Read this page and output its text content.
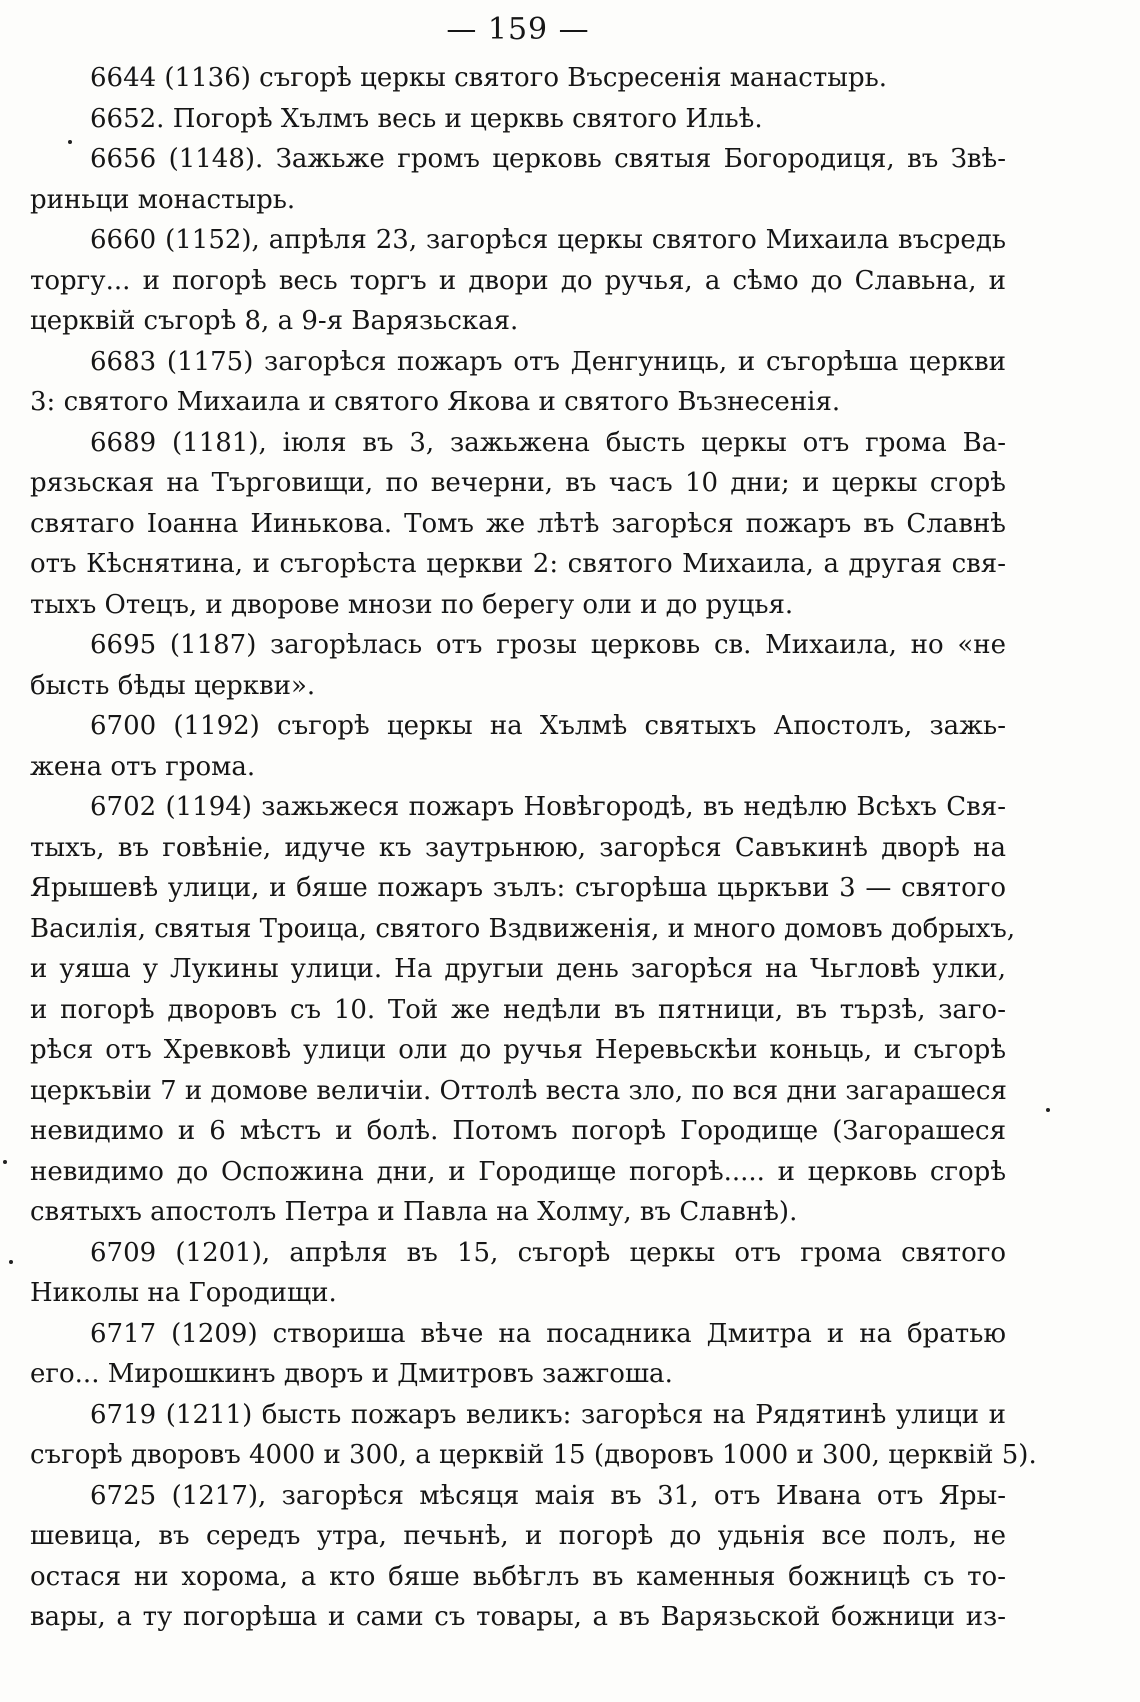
— 159 —

6644 (1136) съгорѣ церкы святого Въсресенія манастырь.

6652. Погорѣ Хълмъ весь и церквь святого Ильѣ.

6656 (1148). Зажьже громъ церковь святыя Богородиця, въ Звѣ-
риньци монастырь.

6660 (1152), апрѣля 23, загорѣся церкы святого Михаила въсредь
торгу... и погорѣ весь торгъ и двори до ручья, а сѣмо до Славьна, и
церквій съгорѣ 8, а 9-я Варязьская.

6683 (1175) загорѣся пожаръ отъ Денгуниць, и съгорѣша церкви
3: святого Михаила и святого Якова и святого Възнесенія.

6689 (1181), іюля въ 3, зажьжена бысть церкы отъ грома Ва-
рязьская на Търговищи, по вечерни, въ часъ 10 дни; и церкы сгорѣ
святаго Іоанна Иинькова. Томъ же лѣтѣ загорѣся пожаръ въ Славнѣ
отъ Кѣснятина, и съгорѣста церкви 2: святого Михаила, а другая свя-
тыхъ Отецъ, и дворове мнози по берегу оли и до руцья.

6695 (1187) загорѣлась отъ грозы церковь св. Михаила, но «не
бысть бѣды церкви».

6700 (1192) съгорѣ церкы на Хълмѣ святыхъ Апостолъ, зажь-
жена отъ грома.

6702 (1194) зажьжеся пожаръ Новѣгородѣ, въ недѣлю Всѣхъ Свя-
тыхъ, въ говѣніе, идуче къ заутрьнюю, загорѣся Савъкинѣ дворѣ на
Ярышевѣ улици, и бяше пожаръ зълъ: съгорѣша цьркъви 3 — святого
Василія, святыя Троица, святого Вздвиженія, и много домовъ добрыхъ,
и уяша у Лукины улици. На другыи день загорѣся на Чьгловѣ улки,
и погорѣ дворовъ съ 10. Той же недѣли въ пятници, въ тързѣ, заго-
рѣся отъ Хревковѣ улици оли до ручья Неревьскѣи коньць, и съгорѣ
церкъвіи 7 и домове величіи. Оттолѣ веста зло, по вся дни загарашеся
невидимо и 6 мѣстъ и болѣ. Потомъ погорѣ Городище (Загорашеся
невидимо до Оспожина дни, и Городище погорѣ..... и церковь сгорѣ
святыхъ апостолъ Петра и Павла на Холму, въ Славнѣ).

6709 (1201), апрѣля въ 15, съгорѣ церкы отъ грома святого
Николы на Городищи.

6717 (1209) створиша вѣче на посадника Дмитра и на братью
его... Мирошкинъ дворъ и Дмитровъ зажгоша.

6719 (1211) бысть пожаръ великъ: загорѣся на Рядятинѣ улици и
съгорѣ дворовъ 4000 и 300, а церквій 15 (дворовъ 1000 и 300, церквій 5).

6725 (1217), загорѣся мѣсяця маія въ 31, отъ Ивана отъ Яры-
шевица, въ середъ утра, печьнѣ, и погорѣ до удьнія все полъ, не
остася ни хорома, а кто бяше вьбѣглъ въ каменныя божницѣ съ то-
вары, а ту погорѣша и сами съ товары, а въ Варязьской божници из-
